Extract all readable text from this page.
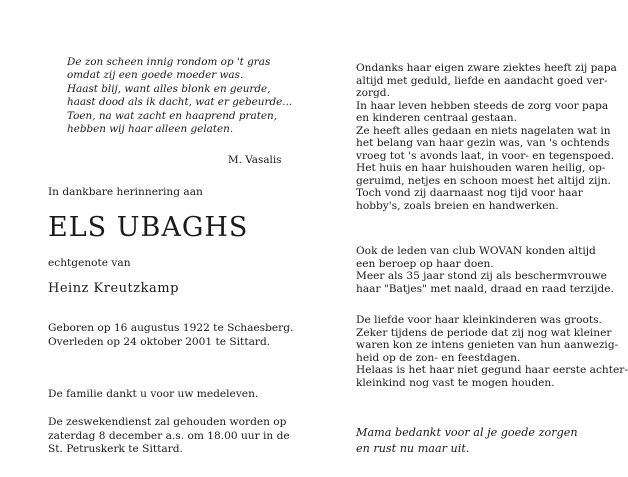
De zon scheen innig rondom op 't gras
omdat zij een goede moeder was.
Haast blij, want alles blonk en geurde,
haast dood als ik dacht, wat er gebeurde...
Toen, na wat zacht en haaprend praten,
hebben wij haar alleen gelaten.
M. Vasalis
In dankbare herinnering aan
ELS UBAGHS
echtgenote van
Heinz Kreutzkamp
Geboren op 16 augustus 1922 te Schaesberg.
Overleden op 24 oktober 2001 te Sittard.
De familie dankt u voor uw medeleven.
De zeswekendienst zal gehouden worden op
zaterdag 8 december a.s. om 18.00 uur in de
St. Petruskerk te Sittard.
Ondanks haar eigen zware ziektes heeft zij papa
altijd met geduld, liefde en aandacht goed ver-
zorgd.
In haar leven hebben steeds de zorg voor papa
en kinderen centraal gestaan.
Ze heeft alles gedaan en niets nagelaten wat in
het belang van haar gezin was, van 's ochtends
vroeg tot 's avonds laat, in voor- en tegenspoed.
Het huis en haar huishouden waren heilig, op-
geruimd, netjes en schoon moest het altijd zijn.
Toch vond zij daarnaast nog tijd voor haar
hobby's, zoals breien en handwerken.
Ook de leden van club WOVAN konden altijd
een beroep op haar doen.
Meer als 35 jaar stond zij als beschermvrouwe
haar "Batjes" met naald, draad en raad terzijde.
De liefde voor haar kleinkinderen was groots.
Zeker tijdens de periode dat zij nog wat kleiner
waren kon ze intens genieten van hun aanwezig-
heid op de zon- en feestdagen.
Helaas is het haar niet gegund haar eerste achter-
kleinkind nog vast te mogen houden.
Mama bedankt voor al je goede zorgen
en rust nu maar uit.
